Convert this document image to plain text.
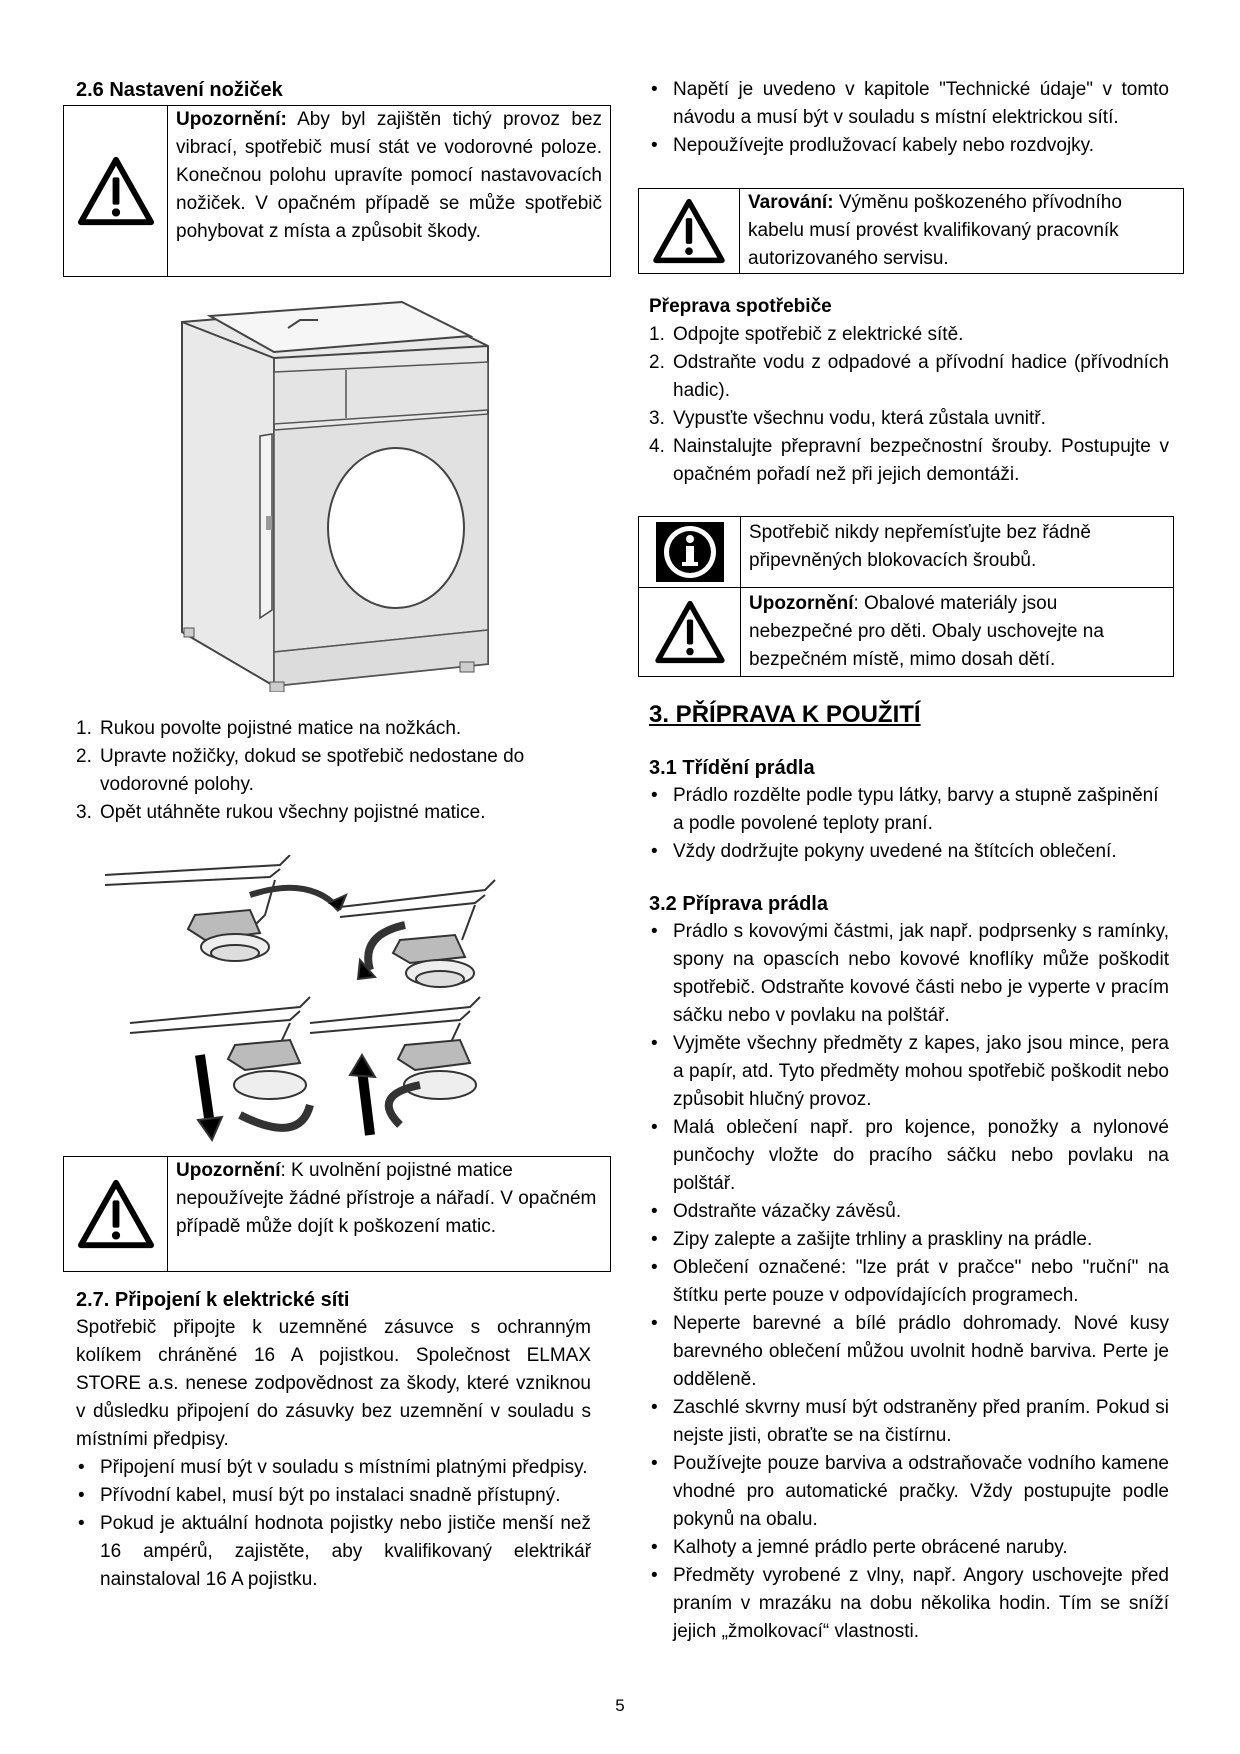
2.6 Nastavení nožiček
Upozornění: Aby byl zajištěn tichý provoz bez vibrací, spotřebič musí stát ve vodorovné poloze. Konečnou polohu upravíte pomocí nastavovacích nožiček. V opačném případě se může spotřebič pohybovat z místa a způsobit škody.
1. Rukou povolte pojistné matice na nožkách.
2. Upravte nožičky, dokud se spotřebič nedostane do vodorovné polohy.
3. Opět utáhněte rukou všechny pojistné matice.
Upozornění: K uvolnění pojistné matice nepoužívejte žádné přístroje a nářadí. V opačném případě může dojít k poškození matic.
2.7. Připojení k elektrické síti

Spotřebič připojte k uzemněné zásuvce s ochranným kolíkem chráněné 16 A pojistkou. Společnost ELMAX STORE a.s. nenese zodpovědnost za škody, které vzniknou v důsledku připojení do zásuvky bez uzemnění v souladu s místními předpisy.

• Připojení musí být v souladu s místními platnými předpisy.
• Přívodní kabel, musí být po instalaci snadně přístupný.
• Pokud je aktuální hodnota pojistky nebo jističe menší než 16 ampérů, zajistěte, aby kvalifikovaný elektrikář nainstaloval 16 A pojistku.
• Napětí je uvedeno v kapitole "Technické údaje" v tomto návodu a musí být v souladu s místní elektrickou sítí.
• Nepoužívejte prodlužovací kabely nebo rozdvojky.
Varování: Výměnu poškozeného přívodního kabelu musí provést kvalifikovaný pracovník autorizovaného servisu.
Přeprava spotřebiče
1. Odpojte spotřebič z elektrické sítě.
2. Odstraňte vodu z odpadové a přívodní hadice (přívodních hadic).
3. Vypusťte všechnu vodu, která zůstala uvnitř.
4. Nainstalujte přepravní bezpečnostní šrouby. Postupujte v opačném pořadí než při jejich demontáži.
Spotřebič nikdy nepřemísťujte bez řádně připevněných blokovacích šroubů.
Upozornění: Obalové materiály jsou nebezpečné pro děti. Obaly uschovejte na bezpečném místě, mimo dosah dětí.
3. PŘÍPRAVA K POUŽITÍ
3.1 Třídění prádla
• Prádlo rozdělte podle typu látky, barvy a stupně zašpinění a podle povolené teploty praní.
• Vždy dodržujte pokyny uvedené na štítcích oblečení.
3.2 Příprava prádla
• Prádlo s kovovými částmi, jak např. podprsenky s ramínky, spony na opascích nebo kovové knoflíky může poškodit spotřebič. Odstraňte kovové části nebo je vyperte v pracím sáčku nebo v povlaku na polštář.
• Vyjměte všechny předměty z kapes, jako jsou mince, pera a papír, atd. Tyto předměty mohou spotřebič poškodit nebo způsobit hlučný provoz.
• Malá oblečení např. pro kojence, ponožky a nylonové punčochy vložte do pracího sáčku nebo povlaku na polštář.
• Odstraňte vázačky závěsů.
• Zipy zalepte a zašijte trhliny a praskliny na prádle.
• Oblečení označené: "lze prát v pračce" nebo "ruční" na štítku perte pouze v odpovídajících programech.
• Neperte barevné a bílé prádlo dohromady. Nové kusy barevného oblečení můžou uvolnit hodně barviva. Perte je odděleně.
• Zaschlé skvrny musí být odstraněny před praním. Pokud si nejste jisti, obraťte se na čistírnu.
• Používejte pouze barviva a odstraňovače vodního kamene vhodné pro automatické pračky. Vždy postupujte podle pokynů na obalu.
• Kalhoty a jemné prádlo perte obrácené naruby.
• Předměty vyrobené z vlny, např. Angory uschovejte před praním v mrazáku na dobu několika hodin. Tím se sníží jejich „žmolkovací“ vlastnosti.
5
